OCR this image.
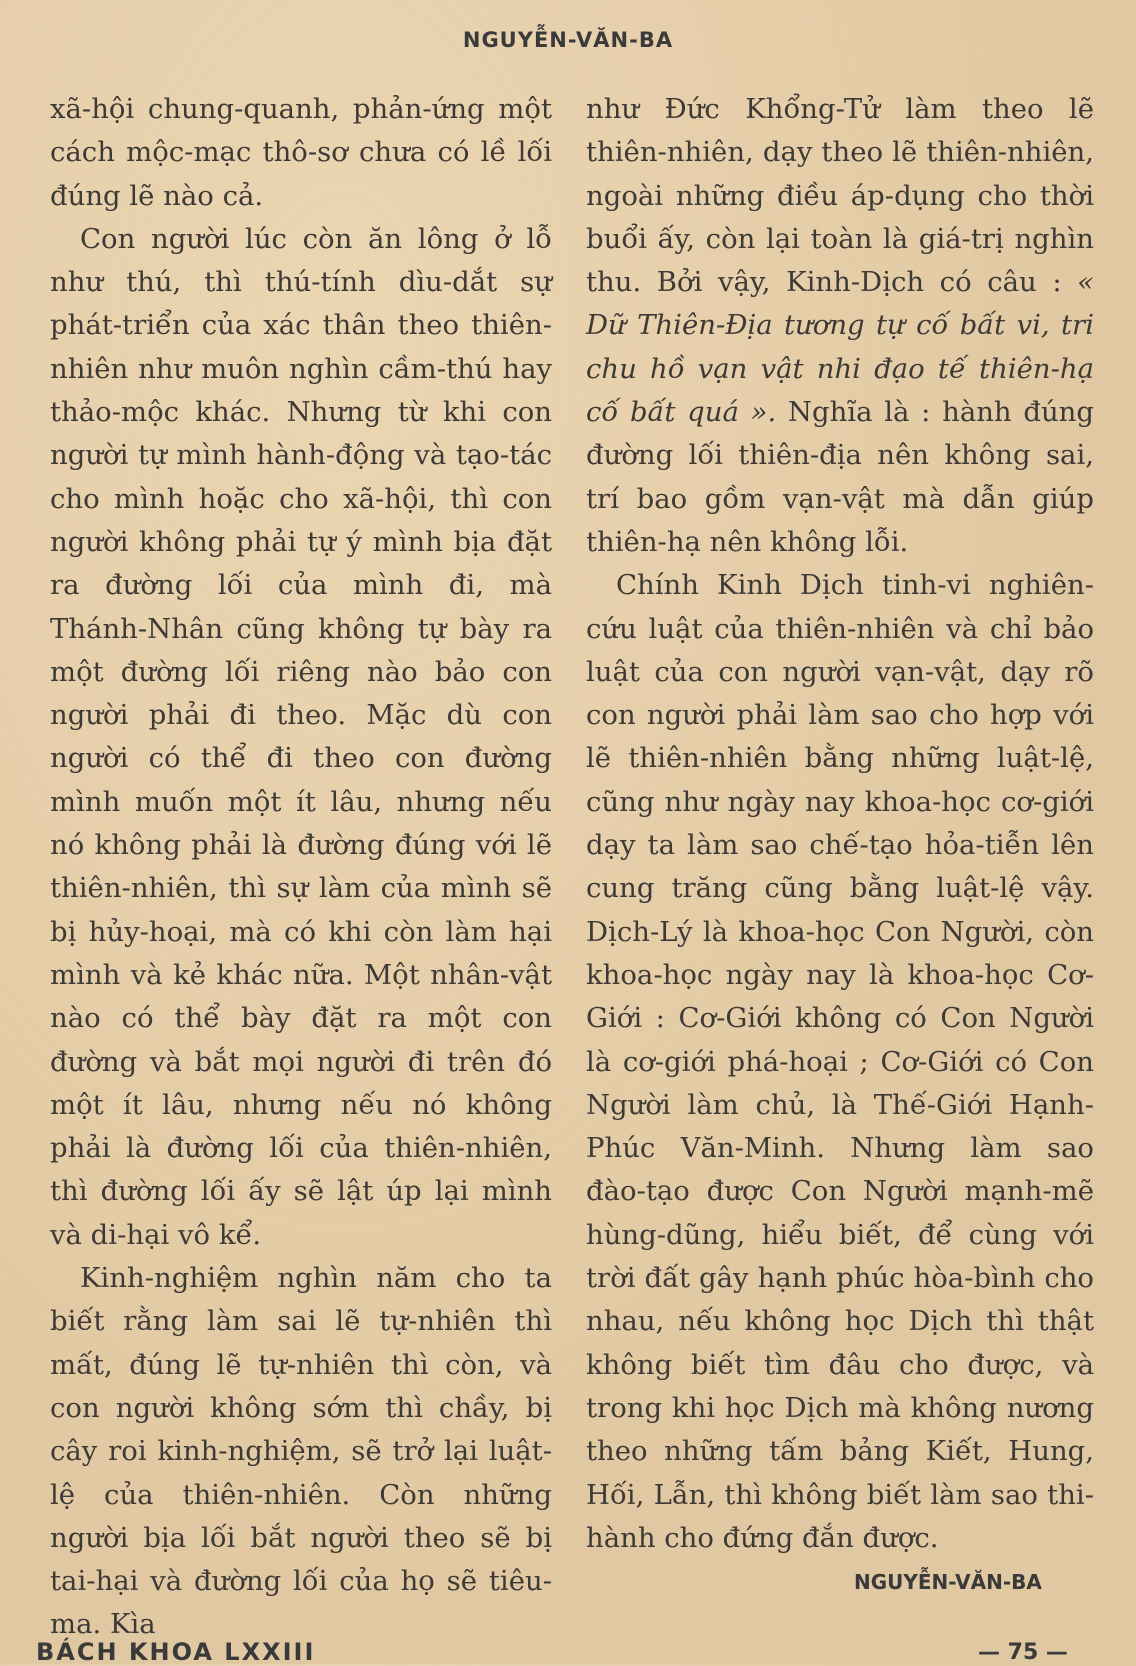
NGUYỄN-VĂN-BA

xã-hội chung-quanh, phản-ứng một cách mộc-mạc thô-sơ chưa có lề lối đúng lẽ nào cả.

Con người lúc còn ăn lông ở lỗ như thú, thì thú-tính dìu-dắt sự phát-triển của xác thân theo thiên-nhiên như muôn nghìn cầm-thú hay thảo-mộc khác. Nhưng từ khi con người tự mình hành-động và tạo-tác cho mình hoặc cho xã-hội, thì con người không phải tự ý mình bịa đặt ra đường lối của mình đi, mà Thánh-Nhân cũng không tự bày ra một đường lối riêng nào bảo con người phải đi theo. Mặc dù con người có thể đi theo con đường mình muốn một ít lâu, nhưng nếu nó không phải là đường đúng với lẽ thiên-nhiên, thì sự làm của mình sẽ bị hủy-hoại, mà có khi còn làm hại mình và kẻ khác nữa. Một nhân-vật nào có thể bày đặt ra một con đường và bắt mọi người đi trên đó một ít lâu, nhưng nếu nó không phải là đường lối của thiên-nhiên, thì đường lối ấy sẽ lật úp lại mình và di-hại vô kể.

Kinh-nghiệm nghìn năm cho ta biết rằng làm sai lẽ tự-nhiên thì mất, đúng lẽ tự-nhiên thì còn, và con người không sớm thì chầy, bị cây roi kinh-nghiệm, sẽ trở lại luật-lệ của thiên-nhiên. Còn những người bịa lối bắt người theo sẽ bị tai-hại và đường lối của họ sẽ tiêu-ma. Kìa

như Đức Khổng-Tử làm theo lẽ thiên-nhiên, dạy theo lẽ thiên-nhiên, ngoài những điều áp-dụng cho thời buổi ấy, còn lại toàn là giá-trị nghìn thu. Bởi vậy, Kinh-Dịch có câu : « Dữ Thiên-Địa tương tự cố bất vi, tri chu hồ vạn vật nhi đạo tế thiên-hạ cố bất quá ». Nghĩa là : hành đúng đường lối thiên-địa nên không sai, trí bao gồm vạn-vật mà dẫn giúp thiên-hạ nên không lỗi.

Chính Kinh Dịch tinh-vi nghiên-cứu luật của thiên-nhiên và chỉ bảo luật của con người vạn-vật, dạy rõ con người phải làm sao cho hợp với lẽ thiên-nhiên bằng những luật-lệ, cũng như ngày nay khoa-học cơ-giới dạy ta làm sao chế-tạo hỏa-tiễn lên cung trăng cũng bằng luật-lệ vậy. Dịch-Lý là khoa-học Con Người, còn khoa-học ngày nay là khoa-học Cơ-Giới : Cơ-Giới không có Con Người là cơ-giới phá-hoại ; Cơ-Giới có Con Người làm chủ, là Thế-Giới Hạnh-Phúc Văn-Minh. Nhưng làm sao đào-tạo được Con Người mạnh-mẽ hùng-dũng, hiểu biết, để cùng với trời đất gây hạnh phúc hòa-bình cho nhau, nếu không học Dịch thì thật không biết tìm đâu cho được, và trong khi học Dịch mà không nương theo những tấm bảng Kiết, Hung, Hối, Lẫn, thì không biết làm sao thi-hành cho đứng đắn được.

NGUYỄN-VĂN-BA
BÁCH KHOA LXXIII	— 75 —
